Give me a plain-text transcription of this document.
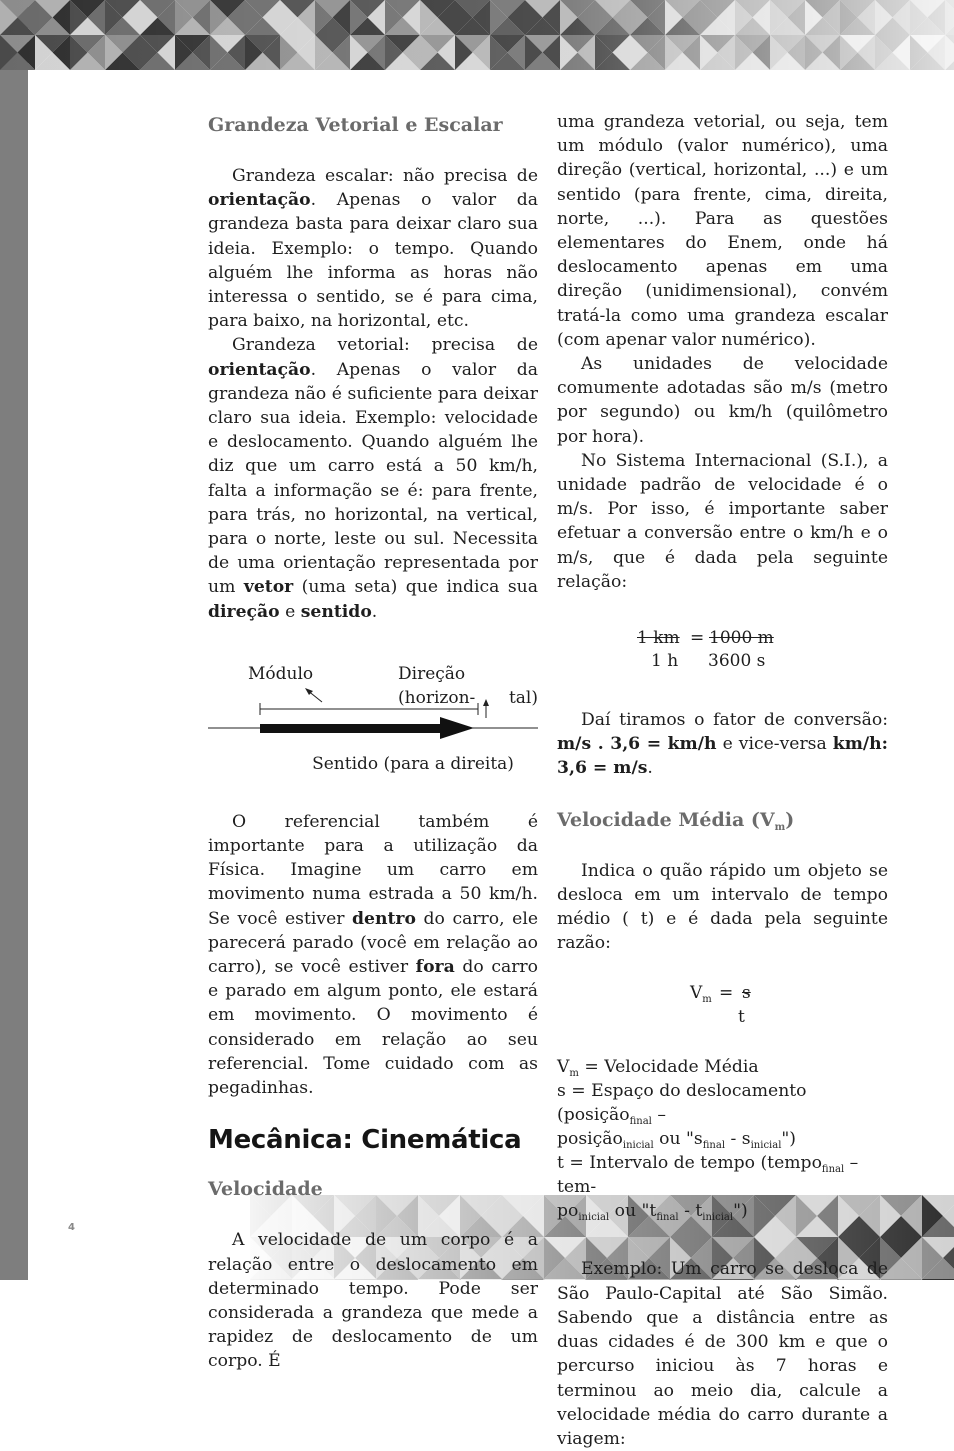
4
Grandeza Vetorial e Escalar

Grandeza escalar: não precisa de orientação. Apenas o valor da grandeza basta para deixar claro sua ideia. Exemplo: o tempo. Quando alguém lhe informa as horas não interessa o sentido, se é para cima, para baixo, na horizontal, etc.

Grandeza vetorial: precisa de orientação. Apenas o valor da grandeza não é suficiente para deixar claro sua ideia. Exemplo: velocidade e deslocamento. Quando alguém lhe diz que um carro está a 50 km/h, falta a informação se é: para frente, para trás, no horizontal, na vertical, para o norte, leste ou sul. Necessita de uma orientação representada por um vetor (uma seta) que indica sua direção e sentido.

Módulo	Direção (horizon-	tal)
Sentido (para a direita)

O referencial também é importante para a utilização da Física. Imagine um carro em movimento numa estrada a 50 km/h. Se você estiver dentro do carro, ele parecerá parado (você em relação ao carro), se você estiver fora do carro e parado em algum ponto, ele estará em movimento. O movimento é considerado em relação ao seu referencial. Tome cuidado com as pegadinhas.

Mecânica: Cinemática
Velocidade

A velocidade de um corpo é a relação entre o deslocamento em determinado tempo. Pode ser considerada a grandeza que mede a rapidez de deslocamento de um corpo. É

uma grandeza vetorial, ou seja, tem um módulo (valor numérico), uma direção (vertical, horizontal, ...) e um sentido (para frente, cima, direita, norte, ...). Para as questões elementares do Enem, onde há deslocamento apenas em uma direção (unidimensional), convém tratá-la como uma grandeza escalar (com apenar valor numérico).

As unidades de velocidade comumente adotadas são m/s (metro por segundo) ou km/h (quilômetro por hora).

No Sistema Internacional (S.I.), a unidade padrão de velocidade é o m/s. Por isso, é importante saber efetuar a conversão entre o km/h e o m/s, que é dada pela seguinte relação:

1 km = 1000 m
1 h 3600 s

Daí tiramos o fator de conversão: m/s . 3,6 = km/h e vice-versa km/h: 3,6 = m/s.

Velocidade Média $(V_m)$

Indica o quão rápido um objeto se desloca em um intervalo de tempo médio ( t) e é dada pela seguinte razão:

$V_m = s$
t
$V_m$ = Velocidade Média
s = Espaço do deslocamento (posição$_{final}$ –
posição$_{inicial}$ ou "$s_{final}$ - $s_{inicial}$")
t = Intervalo de tempo (tempo$_{final}$ – tem-
$po_{inicial}$ ou "$t_{final}$ - $t_{inicial}$")

Exemplo: Um carro se desloca de São Paulo-Capital até São Simão. Sabendo que a distância entre as duas cidades é de 300 km e que o percurso iniciou às 7 horas e terminou ao meio dia, calcule a velocidade média do carro durante a viagem:
